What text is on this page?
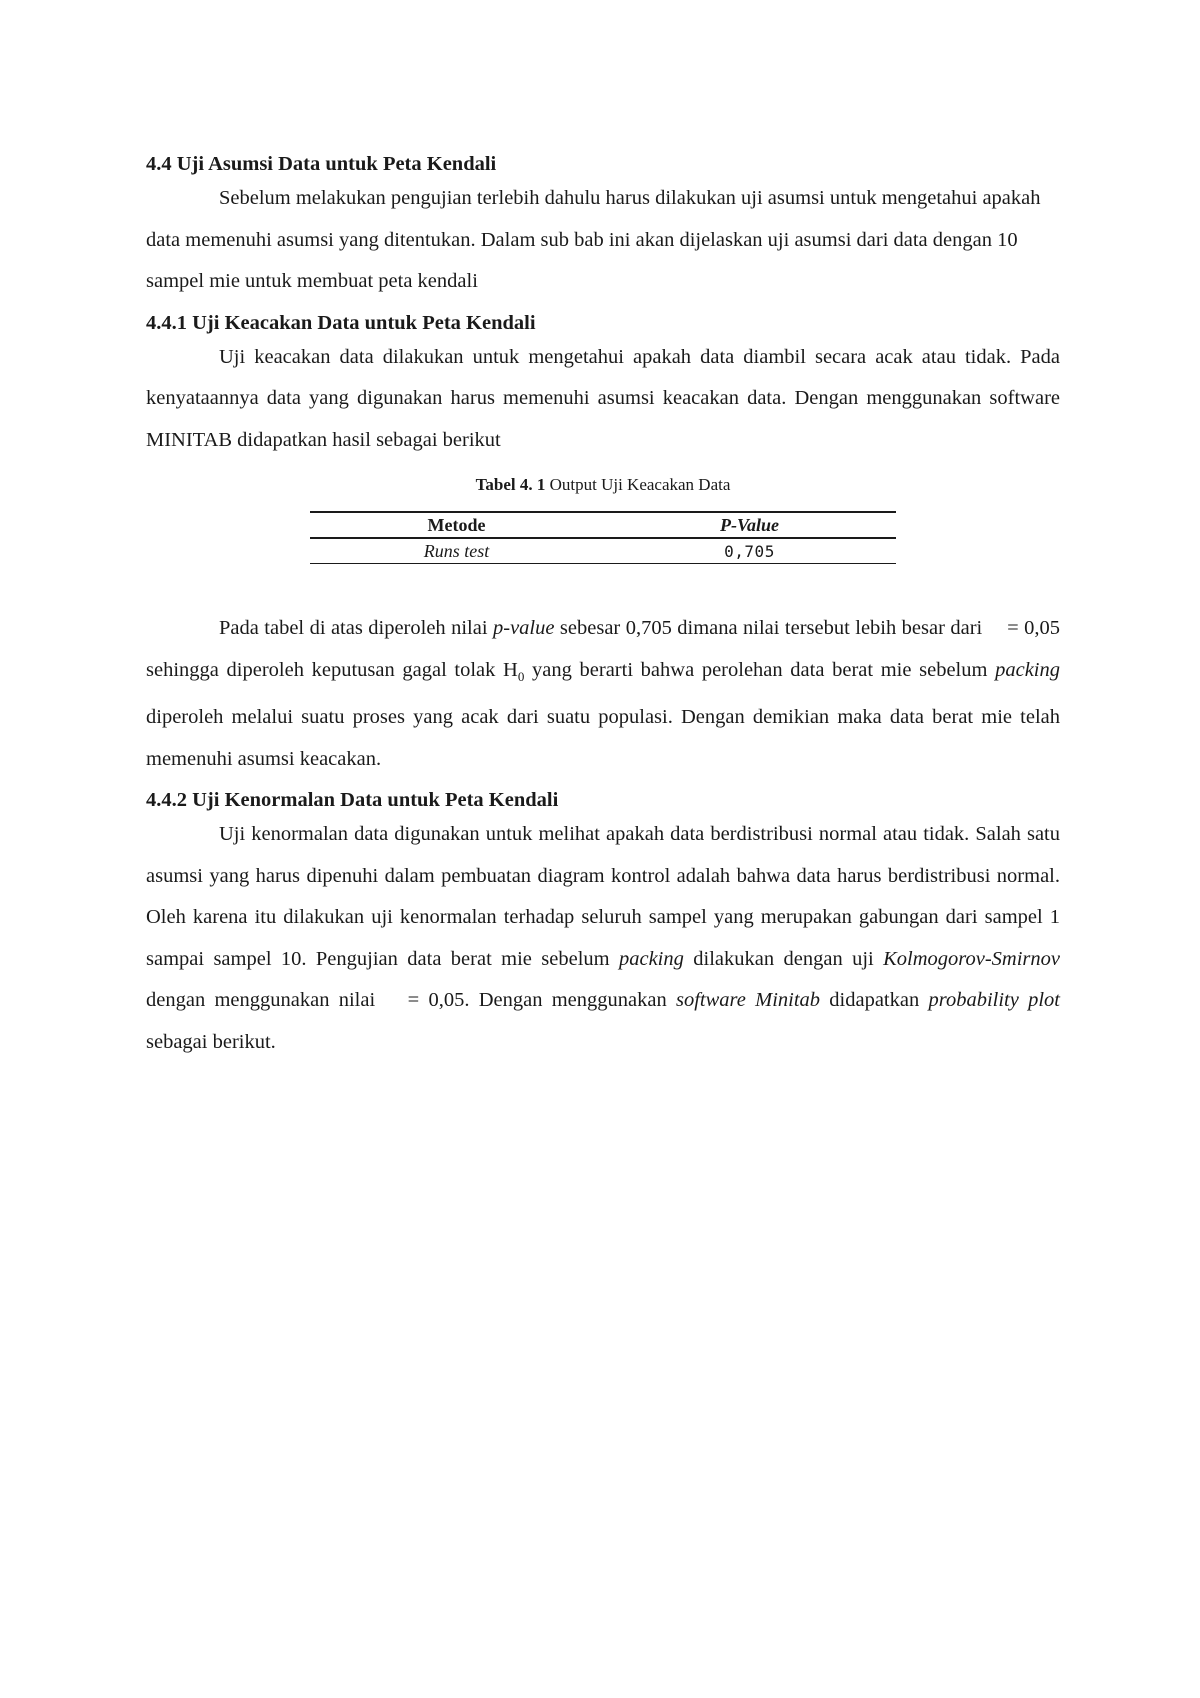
4.4 Uji Asumsi Data untuk Peta Kendali

Sebelum melakukan pengujian terlebih dahulu harus dilakukan uji asumsi untuk mengetahui apakah data memenuhi asumsi yang ditentukan. Dalam sub bab ini akan dijelaskan uji asumsi dari data dengan 10 sampel mie untuk membuat peta kendali

4.4.1 Uji Keacakan Data untuk Peta Kendali

Uji keacakan data dilakukan untuk mengetahui apakah data diambil secara acak atau tidak. Pada kenyataannya data yang digunakan harus memenuhi asumsi keacakan data. Dengan menggunakan software MINITAB didapatkan hasil sebagai berikut

Tabel 4. 1 Output Uji Keacakan Data

Metode	P-Value
Runs test	0,705

Pada tabel di atas diperoleh nilai p-value sebesar 0,705 dimana nilai tersebut lebih besar dari  = 0,05 sehingga diperoleh keputusan gagal tolak $H_0$ yang berarti bahwa perolehan data berat mie sebelum packing diperoleh melalui suatu proses yang acak dari suatu populasi. Dengan demikian maka data berat mie telah memenuhi asumsi keacakan.

4.4.2 Uji Kenormalan Data untuk Peta Kendali

Uji kenormalan data digunakan untuk melihat apakah data berdistribusi normal atau tidak. Salah satu asumsi yang harus dipenuhi dalam pembuatan diagram kontrol adalah bahwa data harus berdistribusi normal. Oleh karena itu dilakukan uji kenormalan terhadap seluruh sampel yang merupakan gabungan dari sampel 1 sampai sampel 10. Pengujian data berat mie sebelum packing dilakukan dengan uji Kolmogorov-Smirnov dengan menggunakan nilai  = 0,05. Dengan menggunakan software Minitab didapatkan probability plot sebagai berikut.
